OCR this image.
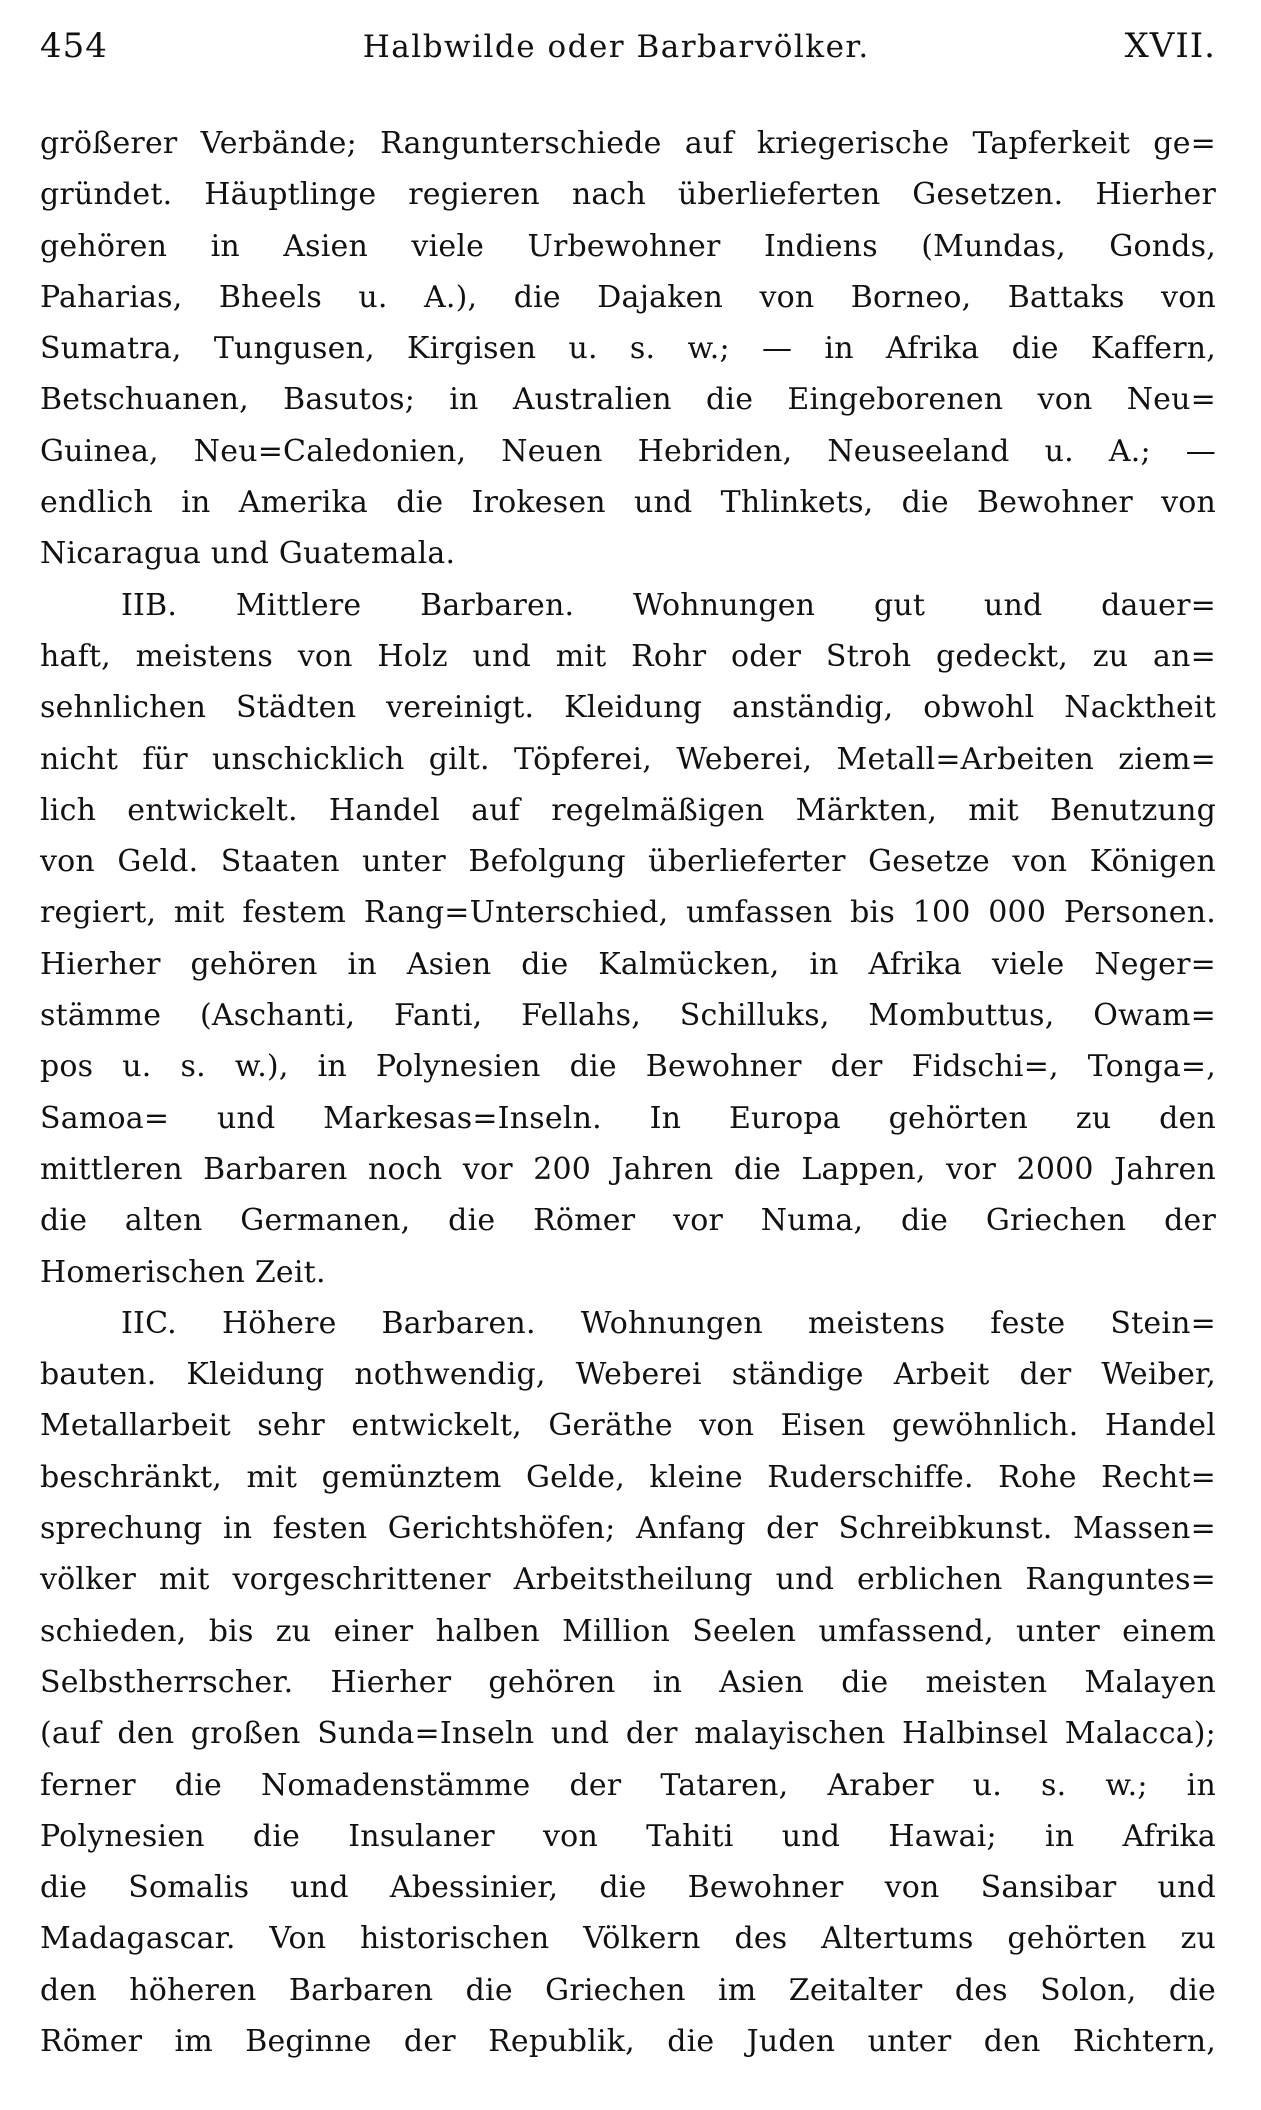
454	Halbwilde oder Barbarvölker.	XVII.
größerer Verbände; Rangunterschiede auf kriegerische Tapferkeit ge=
gründet. Häuptlinge regieren nach überlieferten Gesetzen. Hierher
gehören in Asien viele Urbewohner Indiens (Mundas, Gonds,
Paharias, Bheels u. A.), die Dajaken von Borneo, Battaks von
Sumatra, Tungusen, Kirgisen u. s. w.; — in Afrika die Kaffern,
Betschuanen, Basutos; in Australien die Eingeborenen von Neu=
Guinea, Neu=Caledonien, Neuen Hebriden, Neuseeland u. A.; —
endlich in Amerika die Irokesen und Thlinkets, die Bewohner von
Nicaragua und Guatemala.
IIB. Mittlere Barbaren. Wohnungen gut und dauer=
haft, meistens von Holz und mit Rohr oder Stroh gedeckt, zu an=
sehnlichen Städten vereinigt. Kleidung anständig, obwohl Nacktheit
nicht für unschicklich gilt. Töpferei, Weberei, Metall=Arbeiten ziem=
lich entwickelt. Handel auf regelmäßigen Märkten, mit Benutzung
von Geld. Staaten unter Befolgung überlieferter Gesetze von Königen
regiert, mit festem Rang=Unterschied, umfassen bis 100 000 Personen.
Hierher gehören in Asien die Kalmücken, in Afrika viele Neger=
stämme (Aschanti, Fanti, Fellahs, Schilluks, Mombuttus, Owam=
pos u. s. w.), in Polynesien die Bewohner der Fidschi=, Tonga=,
Samoa= und Markesas=Inseln. In Europa gehörten zu den
mittleren Barbaren noch vor 200 Jahren die Lappen, vor 2000 Jahren
die alten Germanen, die Römer vor Numa, die Griechen der
Homerischen Zeit.
IIC. Höhere Barbaren. Wohnungen meistens feste Stein=
bauten. Kleidung nothwendig, Weberei ständige Arbeit der Weiber,
Metallarbeit sehr entwickelt, Geräthe von Eisen gewöhnlich. Handel
beschränkt, mit gemünztem Gelde, kleine Ruderschiffe. Rohe Recht=
sprechung in festen Gerichtshöfen; Anfang der Schreibkunst. Massen=
völker mit vorgeschrittener Arbeitstheilung und erblichen Ranguntes=
schieden, bis zu einer halben Million Seelen umfassend, unter einem
Selbstherrscher. Hierher gehören in Asien die meisten Malayen
(auf den großen Sunda=Inseln und der malayischen Halbinsel Malacca);
ferner die Nomadenstämme der Tataren, Araber u. s. w.; in
Polynesien die Insulaner von Tahiti und Hawai; in Afrika
die Somalis und Abessinier, die Bewohner von Sansibar und
Madagascar. Von historischen Völkern des Altertums gehörten zu
den höheren Barbaren die Griechen im Zeitalter des Solon, die
Römer im Beginne der Republik, die Juden unter den Richtern,
